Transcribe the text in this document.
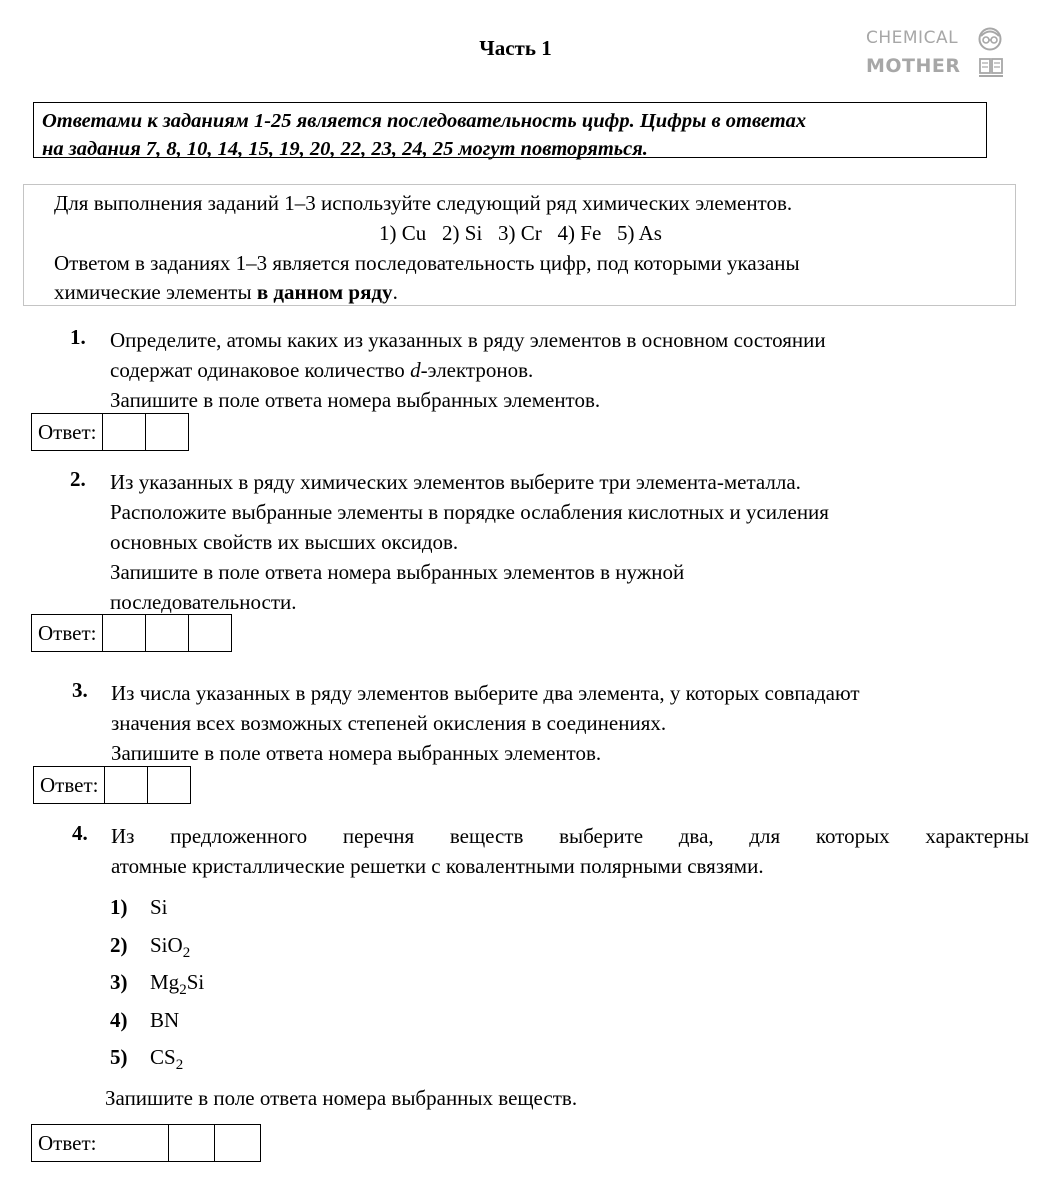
Часть 1	CHEMICAL
MOTHER
Ответами к заданиям 1-25 является последовательность цифр. Цифры в ответах
на задания 7, 8, 10, 14, 15, 19, 20, 22, 23, 24, 25 могут повторяться.
Для выполнения заданий 1–3 используйте следующий ряд химических элементов.
1) Cu   2) Si   3) Cr   4) Fe   5) As
Ответом в заданиях 1–3 является последовательность цифр, под которыми указаны
химические элементы в данном ряду.
1. Определите, атомы каких из указанных в ряду элементов в основном состоянии
содержат одинаковое количество d-электронов.
Запишите в поле ответа номера выбранных элементов.
Ответ:
2. Из указанных в ряду химических элементов выберите три элемента-металла.
Расположите выбранные элементы в порядке ослабления кислотных и усиления
основных свойств их высших оксидов.
Запишите в поле ответа номера выбранных элементов в нужной
последовательности.
Ответ:
3. Из числа указанных в ряду элементов выберите два элемента, у которых совпадают
значения всех возможных степеней окисления в соединениях.
Запишите в поле ответа номера выбранных элементов.
Ответ:
4. Из предложенного перечня веществ выберите два, для которых характерны
атомные кристаллические решетки с ковалентными полярными связями.
1) Si
2) SiO$_2$
3) $Mg_2Si$
4) BN
5) $CS_2$
Запишите в поле ответа номера выбранных веществ.
Ответ:
